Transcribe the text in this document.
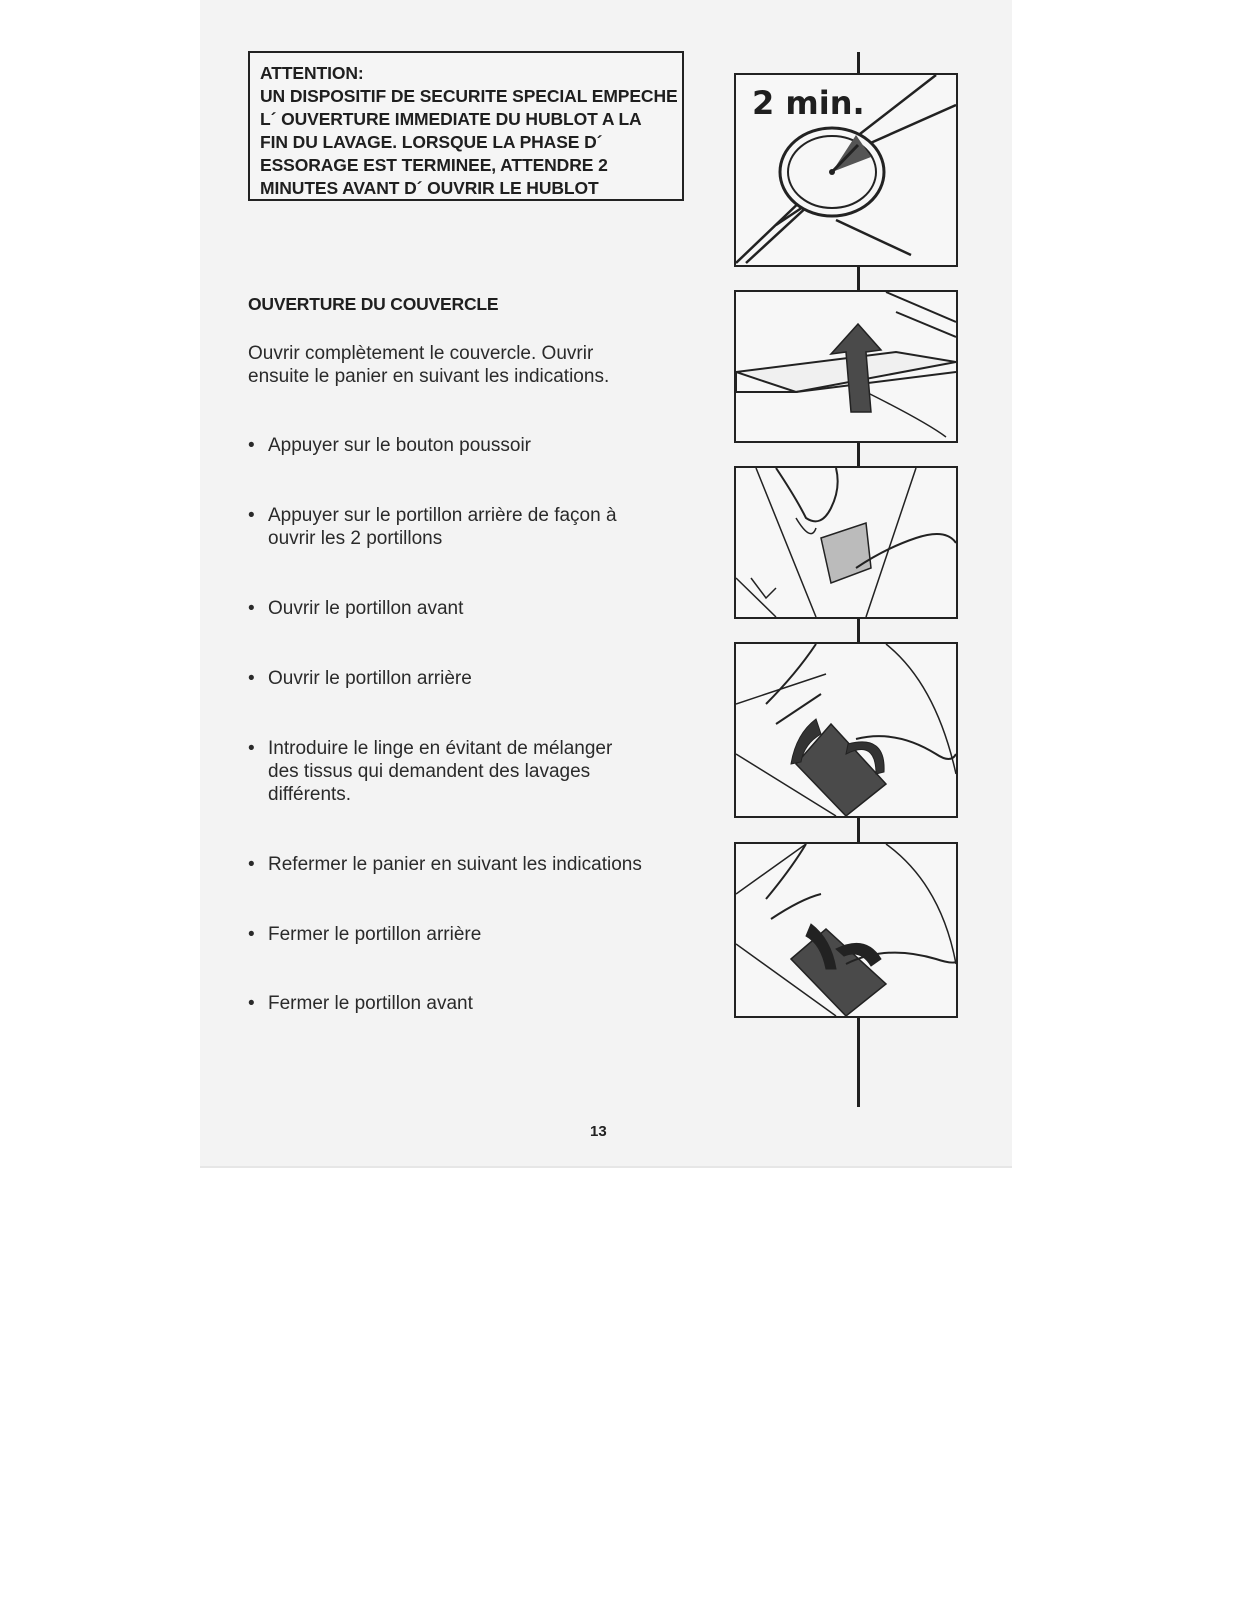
ATTENTION:
UN DISPOSITIF DE SECURITE SPECIAL EMPECHE
L´ OUVERTURE IMMEDIATE DU HUBLOT A LA
FIN DU LAVAGE. LORSQUE LA PHASE D´
ESSORAGE EST TERMINEE, ATTENDRE 2
MINUTES AVANT D´ OUVRIR LE HUBLOT
OUVERTURE DU COUVERCLE
Ouvrir complètement le couvercle. Ouvrir
ensuite le panier en suivant les indications.
• Appuyer sur le bouton poussoir
• Appuyer sur le portillon arrière de façon à
ouvrir les 2 portillons
• Ouvrir le portillon avant
• Ouvrir le portillon arrière
• Introduire le linge en évitant de mélanger
des tissus qui demandent des lavages
différents.
• Refermer le panier en suivant les indications
• Fermer le portillon arrière
• Fermer le portillon avant
2 min.
13
